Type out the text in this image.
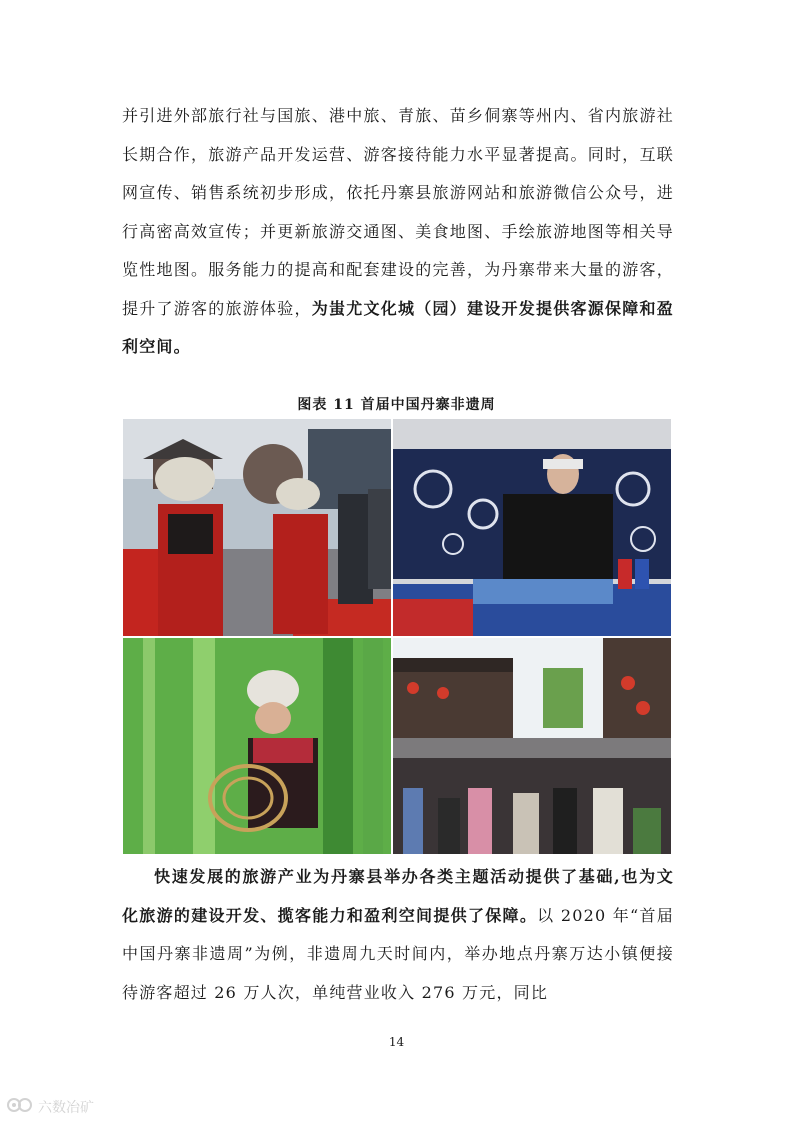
并引进外部旅行社与国旅、港中旅、青旅、苗乡侗寨等州内、省内旅游社长期合作，旅游产品开发运营、游客接待能力水平显著提高。同时，互联网宣传、销售系统初步形成，依托丹寨县旅游网站和旅游微信公众号，进行高密高效宣传；并更新旅游交通图、美食地图、手绘旅游地图等相关导览性地图。服务能力的提高和配套建设的完善，为丹寨带来大量的游客，提升了游客的旅游体验，为蚩尤文化城（园）建设开发提供客源保障和盈利空间。

图表 11 首届中国丹寨非遗周

快速发展的旅游产业为丹寨县举办各类主题活动提供了基础,也为文化旅游的建设开发、揽客能力和盈利空间提供了保障。以 2020 年“首届中国丹寨非遗周”为例，非遗周九天时间内，举办地点丹寨万达小镇便接待游客超过 26 万人次，单纯营业收入 276 万元，同比

14
六数冶矿
